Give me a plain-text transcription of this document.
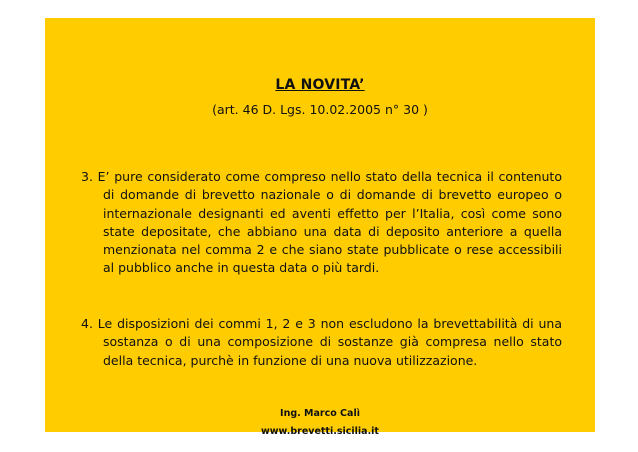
LA NOVITA’
(art. 46 D. Lgs. 10.02.2005 n° 30 )
3. E’ pure considerato come compreso nello stato della tecnica il contenuto di domande di brevetto nazionale o di domande di brevetto europeo o internazionale designanti ed aventi effetto per l’Italia, così come sono state depositate, che abbiano una data di deposito anteriore a quella menzionata nel comma 2 e che siano state pubblicate o rese accessibili al pubblico anche in questa data o più tardi.
4. Le disposizioni dei commi 1, 2 e 3 non escludono la brevettabilità di una sostanza o di una composizione di sostanze già compresa nello stato della tecnica, purchè in funzione di una nuova utilizzazione.
Ing. Marco Calì
www.brevetti.sicilia.it
